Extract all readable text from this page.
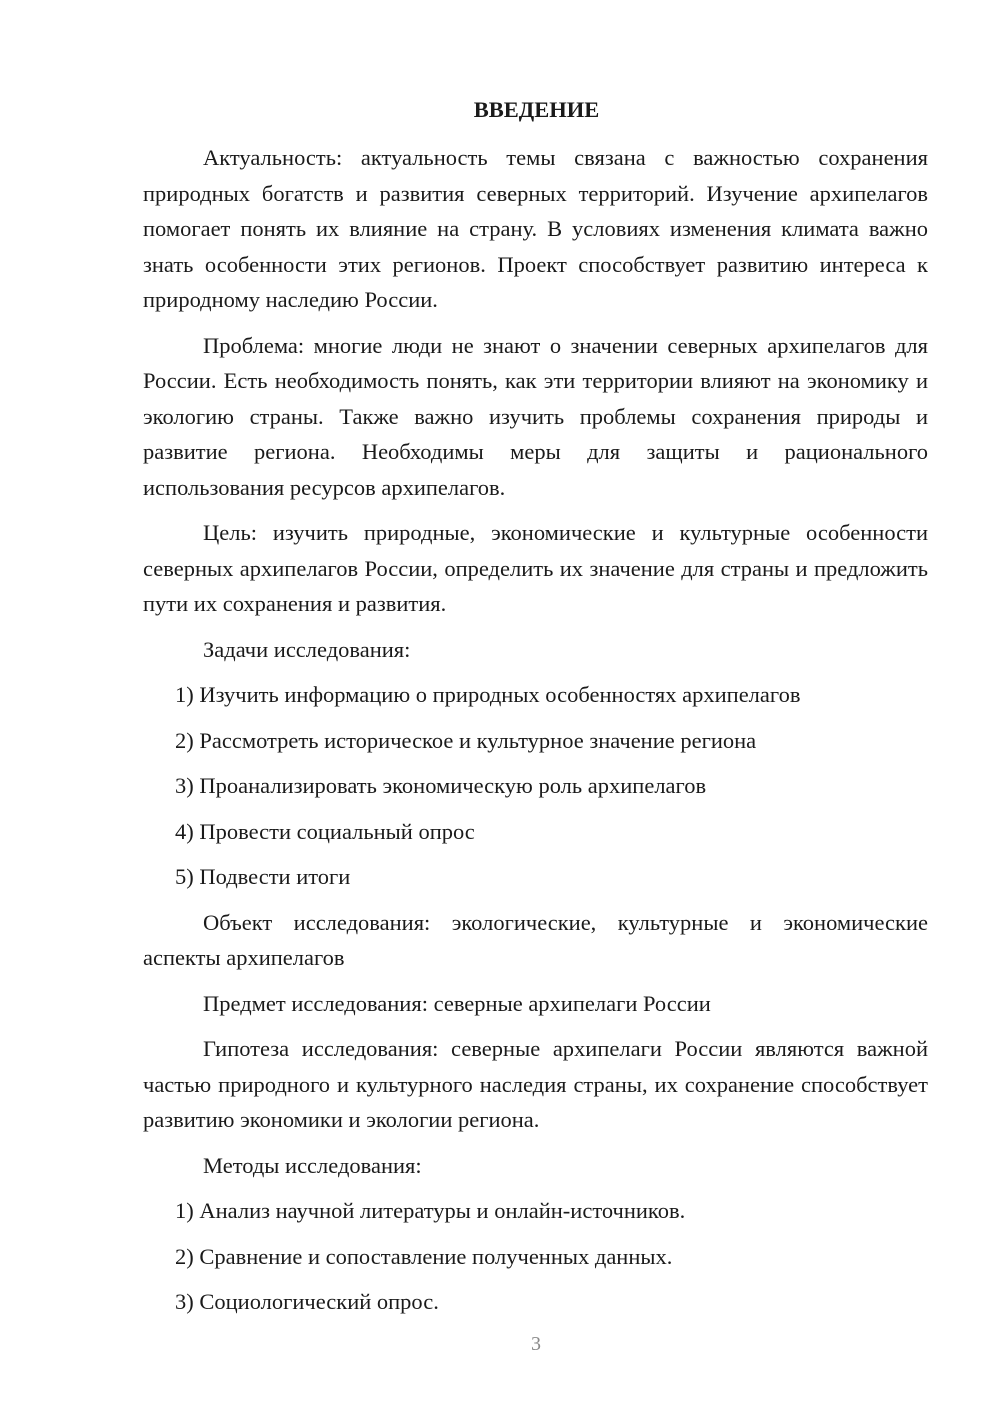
ВВЕДЕНИЕ

Актуальность: актуальность темы связана с важностью сохранения природных богатств и развития северных территорий. Изучение архипелагов помогает понять их влияние на страну. В условиях изменения климата важно знать особенности этих регионов. Проект способствует развитию интереса к природному наследию России.

Проблема: многие люди не знают о значении северных архипелагов для России. Есть необходимость понять, как эти территории влияют на экономику и экологию страны. Также важно изучить проблемы сохранения природы и развитие региона. Необходимы меры для защиты и рационального использования ресурсов архипелагов.

Цель: изучить природные, экономические и культурные особенности северных архипелагов России, определить их значение для страны и предложить пути их сохранения и развития.

Задачи исследования:

1) Изучить информацию о природных особенностях архипелагов

2) Рассмотреть историческое и культурное значение региона

3) Проанализировать экономическую роль архипелагов

4) Провести социальный опрос

5) Подвести итоги

Объект исследования: экологические, культурные и экономические аспекты архипелагов

Предмет исследования: северные архипелаги России

Гипотеза исследования: северные архипелаги России являются важной частью природного и культурного наследия страны, их сохранение способствует развитию экономики и экологии региона.

Методы исследования:

1) Анализ научной литературы и онлайн-источников.

2) Сравнение и сопоставление полученных данных.

3) Социологический опрос.

3
